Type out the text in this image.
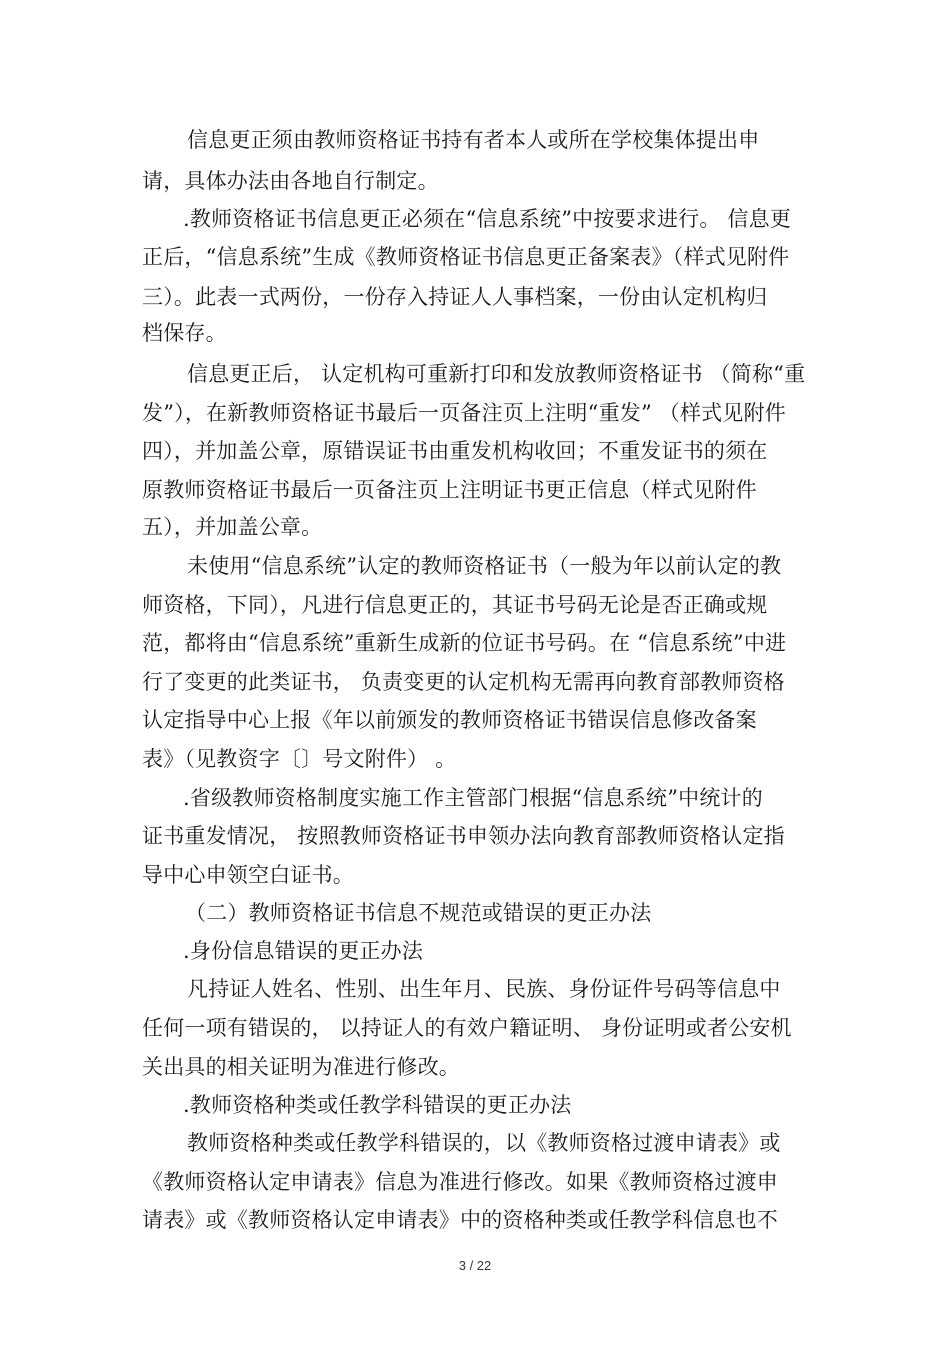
信息更正须由教师资格证书持有者本人或所在学校集体提出申
请，具体办法由各地自行制定。
.教师资格证书信息更正必须在“信息系统”中按要求进行。 信息更
正后，“信息系统”生成《教师资格证书信息更正备案表》（样式见附件
三）。此表一式两份，一份存入持证人人事档案，一份由认定机构归
档保存。
信息更正后， 认定机构可重新打印和发放教师资格证书 （简称“重
发”），在新教师资格证书最后一页备注页上注明“重发” （样式见附件
四），并加盖公章，原错误证书由重发机构收回；不重发证书的须在
原教师资格证书最后一页备注页上注明证书更正信息（样式见附件
五），并加盖公章。
未使用“信息系统”认定的教师资格证书（一般为年以前认定的教
师资格，下同），凡进行信息更正的，其证书号码无论是否正确或规
范，都将由“信息系统”重新生成新的位证书号码。在 “信息系统”中进
行了变更的此类证书， 负责变更的认定机构无需再向教育部教师资格
认定指导中心上报《年以前颁发的教师资格证书错误信息修改备案
表》（见教资字〔〕号文附件） 。
.省级教师资格制度实施工作主管部门根据“信息系统”中统计的
证书重发情况， 按照教师资格证书申领办法向教育部教师资格认定指
导中心申领空白证书。
（二）教师资格证书信息不规范或错误的更正办法
.身份信息错误的更正办法
凡持证人姓名、性别、出生年月、民族、身份证件号码等信息中
任何一项有错误的， 以持证人的有效户籍证明、 身份证明或者公安机
关出具的相关证明为准进行修改。
.教师资格种类或任教学科错误的更正办法
教师资格种类或任教学科错误的，以《教师资格过渡申请表》或
《教师资格认定申请表》信息为准进行修改。如果《教师资格过渡申
请表》或《教师资格认定申请表》中的资格种类或任教学科信息也不
3 / 22
